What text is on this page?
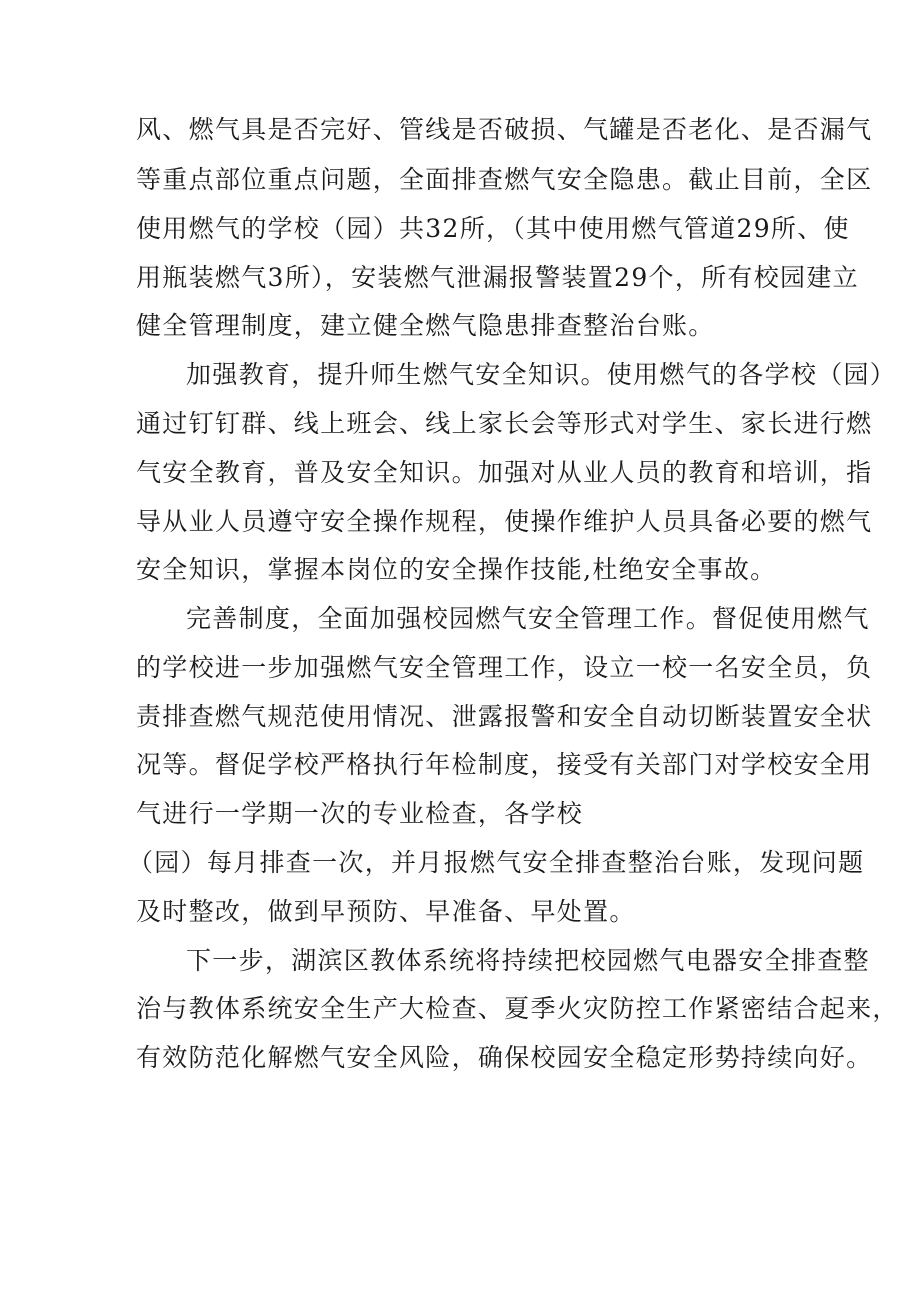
风、燃气具是否完好、管线是否破损、气罐是否老化、是否漏气
等重点部位重点问题，全面排查燃气安全隐患。截止目前，全区
使用燃气的学校（园）共32所，（其中使用燃气管道29所、使
用瓶装燃气3所），安装燃气泄漏报警装置29个，所有校园建立
健全管理制度，建立健全燃气隐患排查整治台账。
加强教育，提升师生燃气安全知识。使用燃气的各学校（园）
通过钉钉群、线上班会、线上家长会等形式对学生、家长进行燃
气安全教育，普及安全知识。加强对从业人员的教育和培训，指
导从业人员遵守安全操作规程，使操作维护人员具备必要的燃气
安全知识，掌握本岗位的安全操作技能,杜绝安全事故。
完善制度，全面加强校园燃气安全管理工作。督促使用燃气
的学校进一步加强燃气安全管理工作，设立一校一名安全员，负
责排查燃气规范使用情况、泄露报警和安全自动切断装置安全状
况等。督促学校严格执行年检制度，接受有关部门对学校安全用
气进行一学期一次的专业检查，各学校
（园）每月排查一次，并月报燃气安全排查整治台账，发现问题
及时整改，做到早预防、早准备、早处置。
下一步，湖滨区教体系统将持续把校园燃气电器安全排查整
治与教体系统安全生产大检查、夏季火灾防控工作紧密结合起来，
有效防范化解燃气安全风险，确保校园安全稳定形势持续向好。
